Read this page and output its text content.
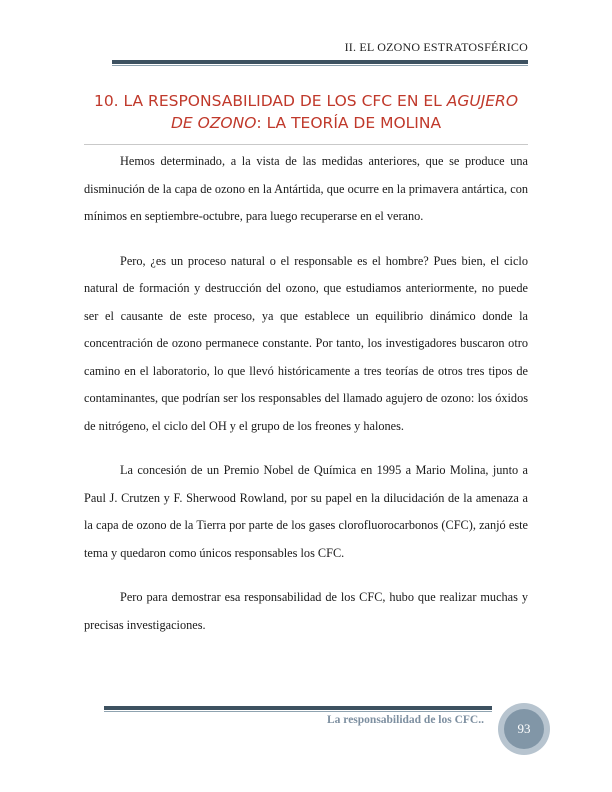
II. EL OZONO ESTRATOSFÉRICO
10. LA RESPONSABILIDAD DE LOS CFC EN EL AGUJERO DE OZONO: LA TEORÍA DE MOLINA

Hemos determinado, a la vista de las medidas anteriores, que se produce una disminución de la capa de ozono en la Antártida, que ocurre en la primavera antártica, con mínimos en septiembre-octubre, para luego recuperarse en el verano.

Pero, ¿es un proceso natural o el responsable es el hombre? Pues bien, el ciclo natural de formación y destrucción del ozono, que estudiamos anteriormente, no puede ser el causante de este proceso, ya que establece un equilibrio dinámico donde la concentración de ozono permanece constante. Por tanto, los investigadores buscaron otro camino en el laboratorio, lo que llevó históricamente a tres teorías de otros tres tipos de contaminantes, que podrían ser los responsables del llamado agujero de ozono: los óxidos de nitrógeno, el ciclo del OH y el grupo de los freones y halones.

La concesión de un Premio Nobel de Química en 1995 a Mario Molina, junto a Paul J. Crutzen y F. Sherwood Rowland, por su papel en la dilucidación de la amenaza a la capa de ozono de la Tierra por parte de los gases clorofluorocarbonos (CFC), zanjó este tema y quedaron como únicos responsables los CFC.

Pero para demostrar esa responsabilidad de los CFC, hubo que realizar muchas y precisas investigaciones.

La responsabilidad de los CFC..
93
